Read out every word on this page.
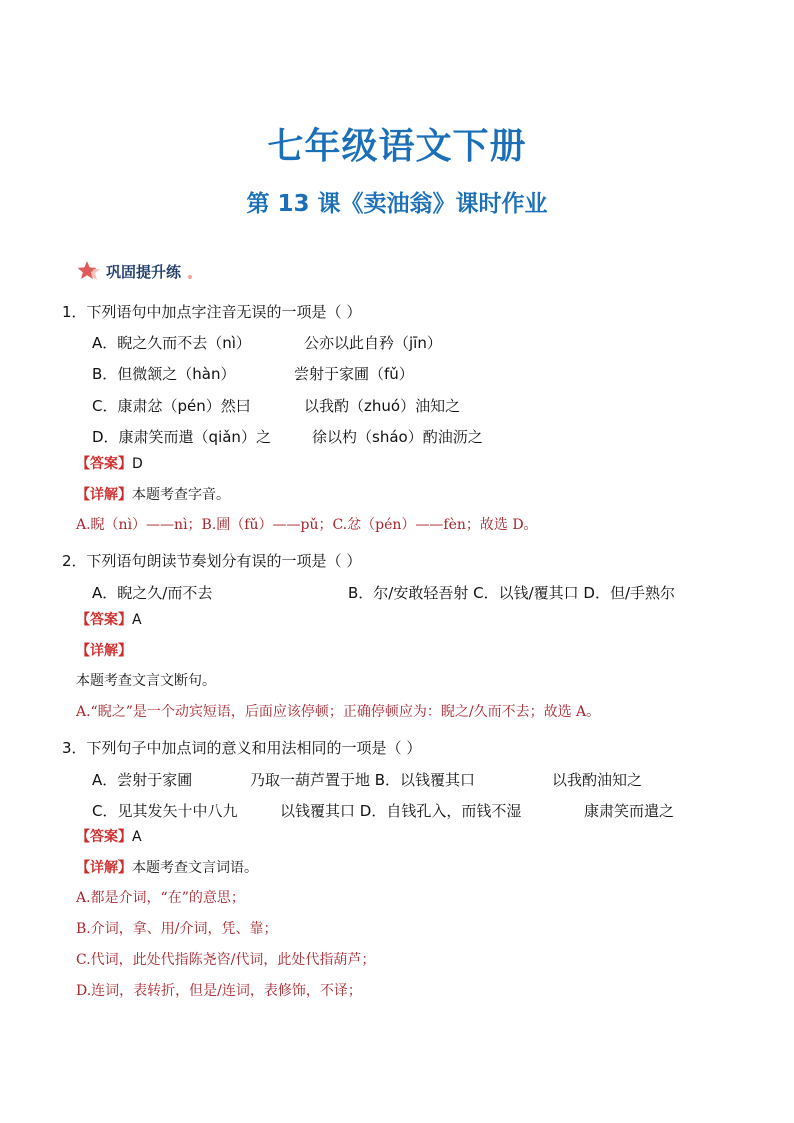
七年级语文下册
第 13 课《卖油翁》课时作业
巩固提升练
1．下列语句中加点字注音无误的一项是（ ）
A．睨之久而不去（nì）	公亦以此自矜（jīn）
B．但微颔之（hàn）	尝射于家圃（fǔ）
C．康肃忿（pén）然曰	以我酌（zhuó）油知之
D．康肃笑而遣（qiǎn）之	徐以杓（sháo）酌油沥之
【答案】D
【详解】本题考查字音。
A.睨（nì）——nì；B.圃（fǔ）——pǔ；C.忿（pén）——fèn；故选 D。
2．下列语句朗读节奏划分有误的一项是（ ）
A．睨之久/而不去	B．尔/安敢轻吾射 C．以钱/覆其口 D．但/手熟尔
【答案】A
【详解】
本题考查文言文断句。
A.“睨之”是一个动宾短语，后面应该停顿；正确停顿应为：睨之/久而不去；故选 A。
3．下列句子中加点词的意义和用法相同的一项是（ ）
A．尝射于家圃	乃取一葫芦置于地 B．以钱覆其口	以我酌油知之
C．见其发矢十中八九	以钱覆其口 D．自钱孔入，而钱不湿	康肃笑而遣之
【答案】A
【详解】本题考查文言词语。
A.都是介词，“在”的意思；
B.介词，拿、用/介词，凭、靠；
C.代词，此处代指陈尧咨/代词，此处代指葫芦；
D.连词，表转折，但是/连词，表修饰，不译；
